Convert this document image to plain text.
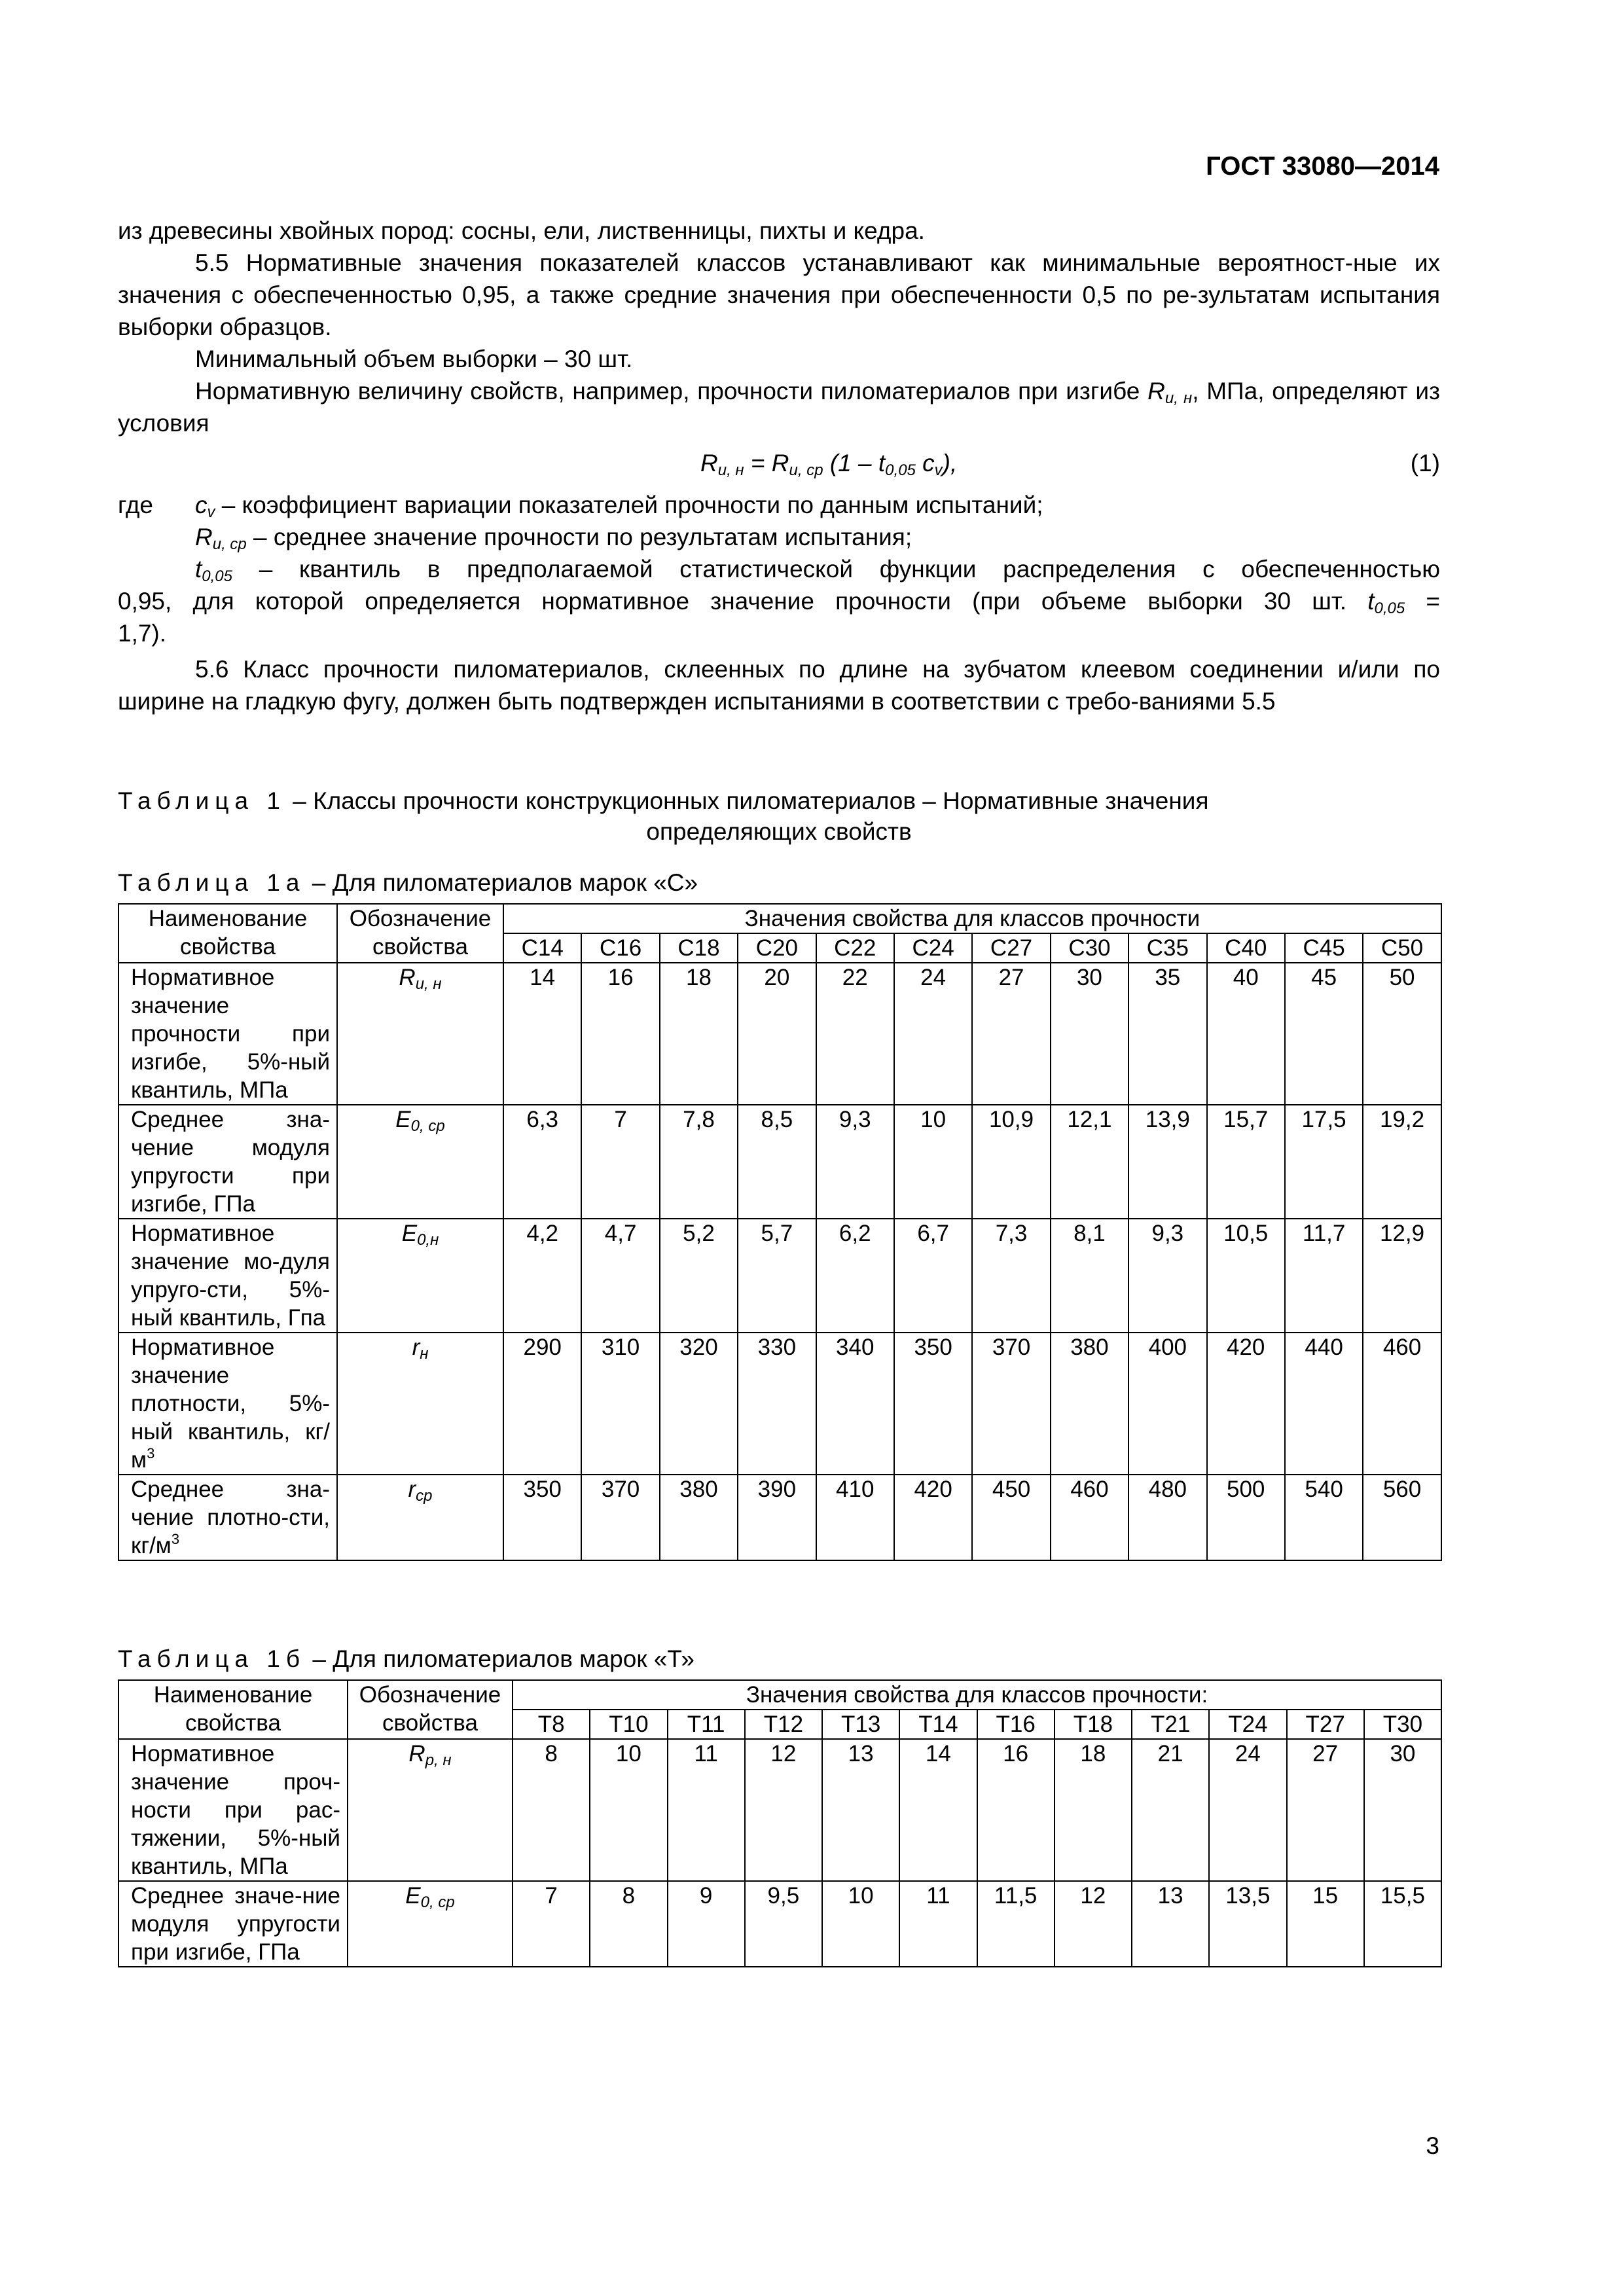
ГОСТ 33080—2014

из древесины хвойных пород: сосны, ели, лиственницы, пихты и кедра.

5.5 Нормативные значения показателей классов устанавливают как минимальные вероятност-ные их значения с обеспеченностью 0,95, а также средние значения при обеспеченности 0,5 по ре-зультатам испытания выборки образцов.

Минимальный объем выборки – 30 шт.

Нормативную величину свойств, например, прочности пиломатериалов при изгибе $R_{u, н}$, МПа, определяют из условия

$R_{u, н} = R_{u, ср}$ ($1 - t_{0,05}$ $c_v$),	(1)
где $c_v$ – коэффициент вариации показателей прочности по данным испытаний;

$R_{u, ср}$ – среднее значение прочности по результатам испытания;

$t_{0,05}$ – квантиль в предполагаемой статистической функции распределения с обеспеченностью

0,95, для которой определяется нормативное значение прочности (при объеме выборки 30 шт. $t_{0,05}$ =

1,7).

5.6 Класс прочности пиломатериалов, склеенных по длине на зубчатом клеевом соединении и/или по ширине на гладкую фугу, должен быть подтвержден испытаниями в соответствии с требо-ваниями 5.5

Таблица 1 – Классы прочности конструкционных пиломатериалов – Нормативные значения
определяющих свойств
Таблица 1а – Для пиломатериалов марок «С»
Наименование свойства	Обозначение свойства	Значения свойства для классов прочности											
		С14	С16	С18	С20	С22	С24	С27	С30	С35	С40	С45	С50
Нормативное значение прочности при изгибе, 5%-ный квантиль, МПа	$R_{u, н}$	14	16	18	20	22	24	27	30	35	40	45	50
Среднее зна-чение модуля упругости при изгибе, ГПа	$E_{0, ср}$	6,3	7	7,8	8,5	9,3	10	10,9	12,1	13,9	15,7	17,5	19,2
Нормативное значение мо-дуля упруго-сти, 5%-ный квантиль, Гпа	$E_{0,н}$	4,2	4,7	5,2	5,7	6,2	6,7	7,3	8,1	9,3	10,5	11,7	12,9
Нормативное значение плотности, 5%-ный квантиль, $кг/м^3$	$r_н$	290	310	320	330	340	350	370	380	400	420	440	460
Среднее зна-чение плотно-сти, $кг/м^3$	$r_{ср}$	350	370	380	390	410	420	450	460	480	500	540	560
Таблица 1б – Для пиломатериалов марок «Т»
Наименование свойства	Обозначение свойства	Значения свойства для классов прочности:											
		Т8	Т10	Т11	Т12	Т13	Т14	Т16	Т18	Т21	Т24	Т27	Т30
Нормативное значение проч-ности при рас-тяжении, 5%-ный квантиль, МПа	$R_{р, н}$	8	10	11	12	13	14	16	18	21	24	27	30
Среднее значе-ние модуля упругости при изгибе, ГПа	$E_{0, ср}$	7	8	9	9,5	10	11	11,5	12	13	13,5	15	15,5
3
